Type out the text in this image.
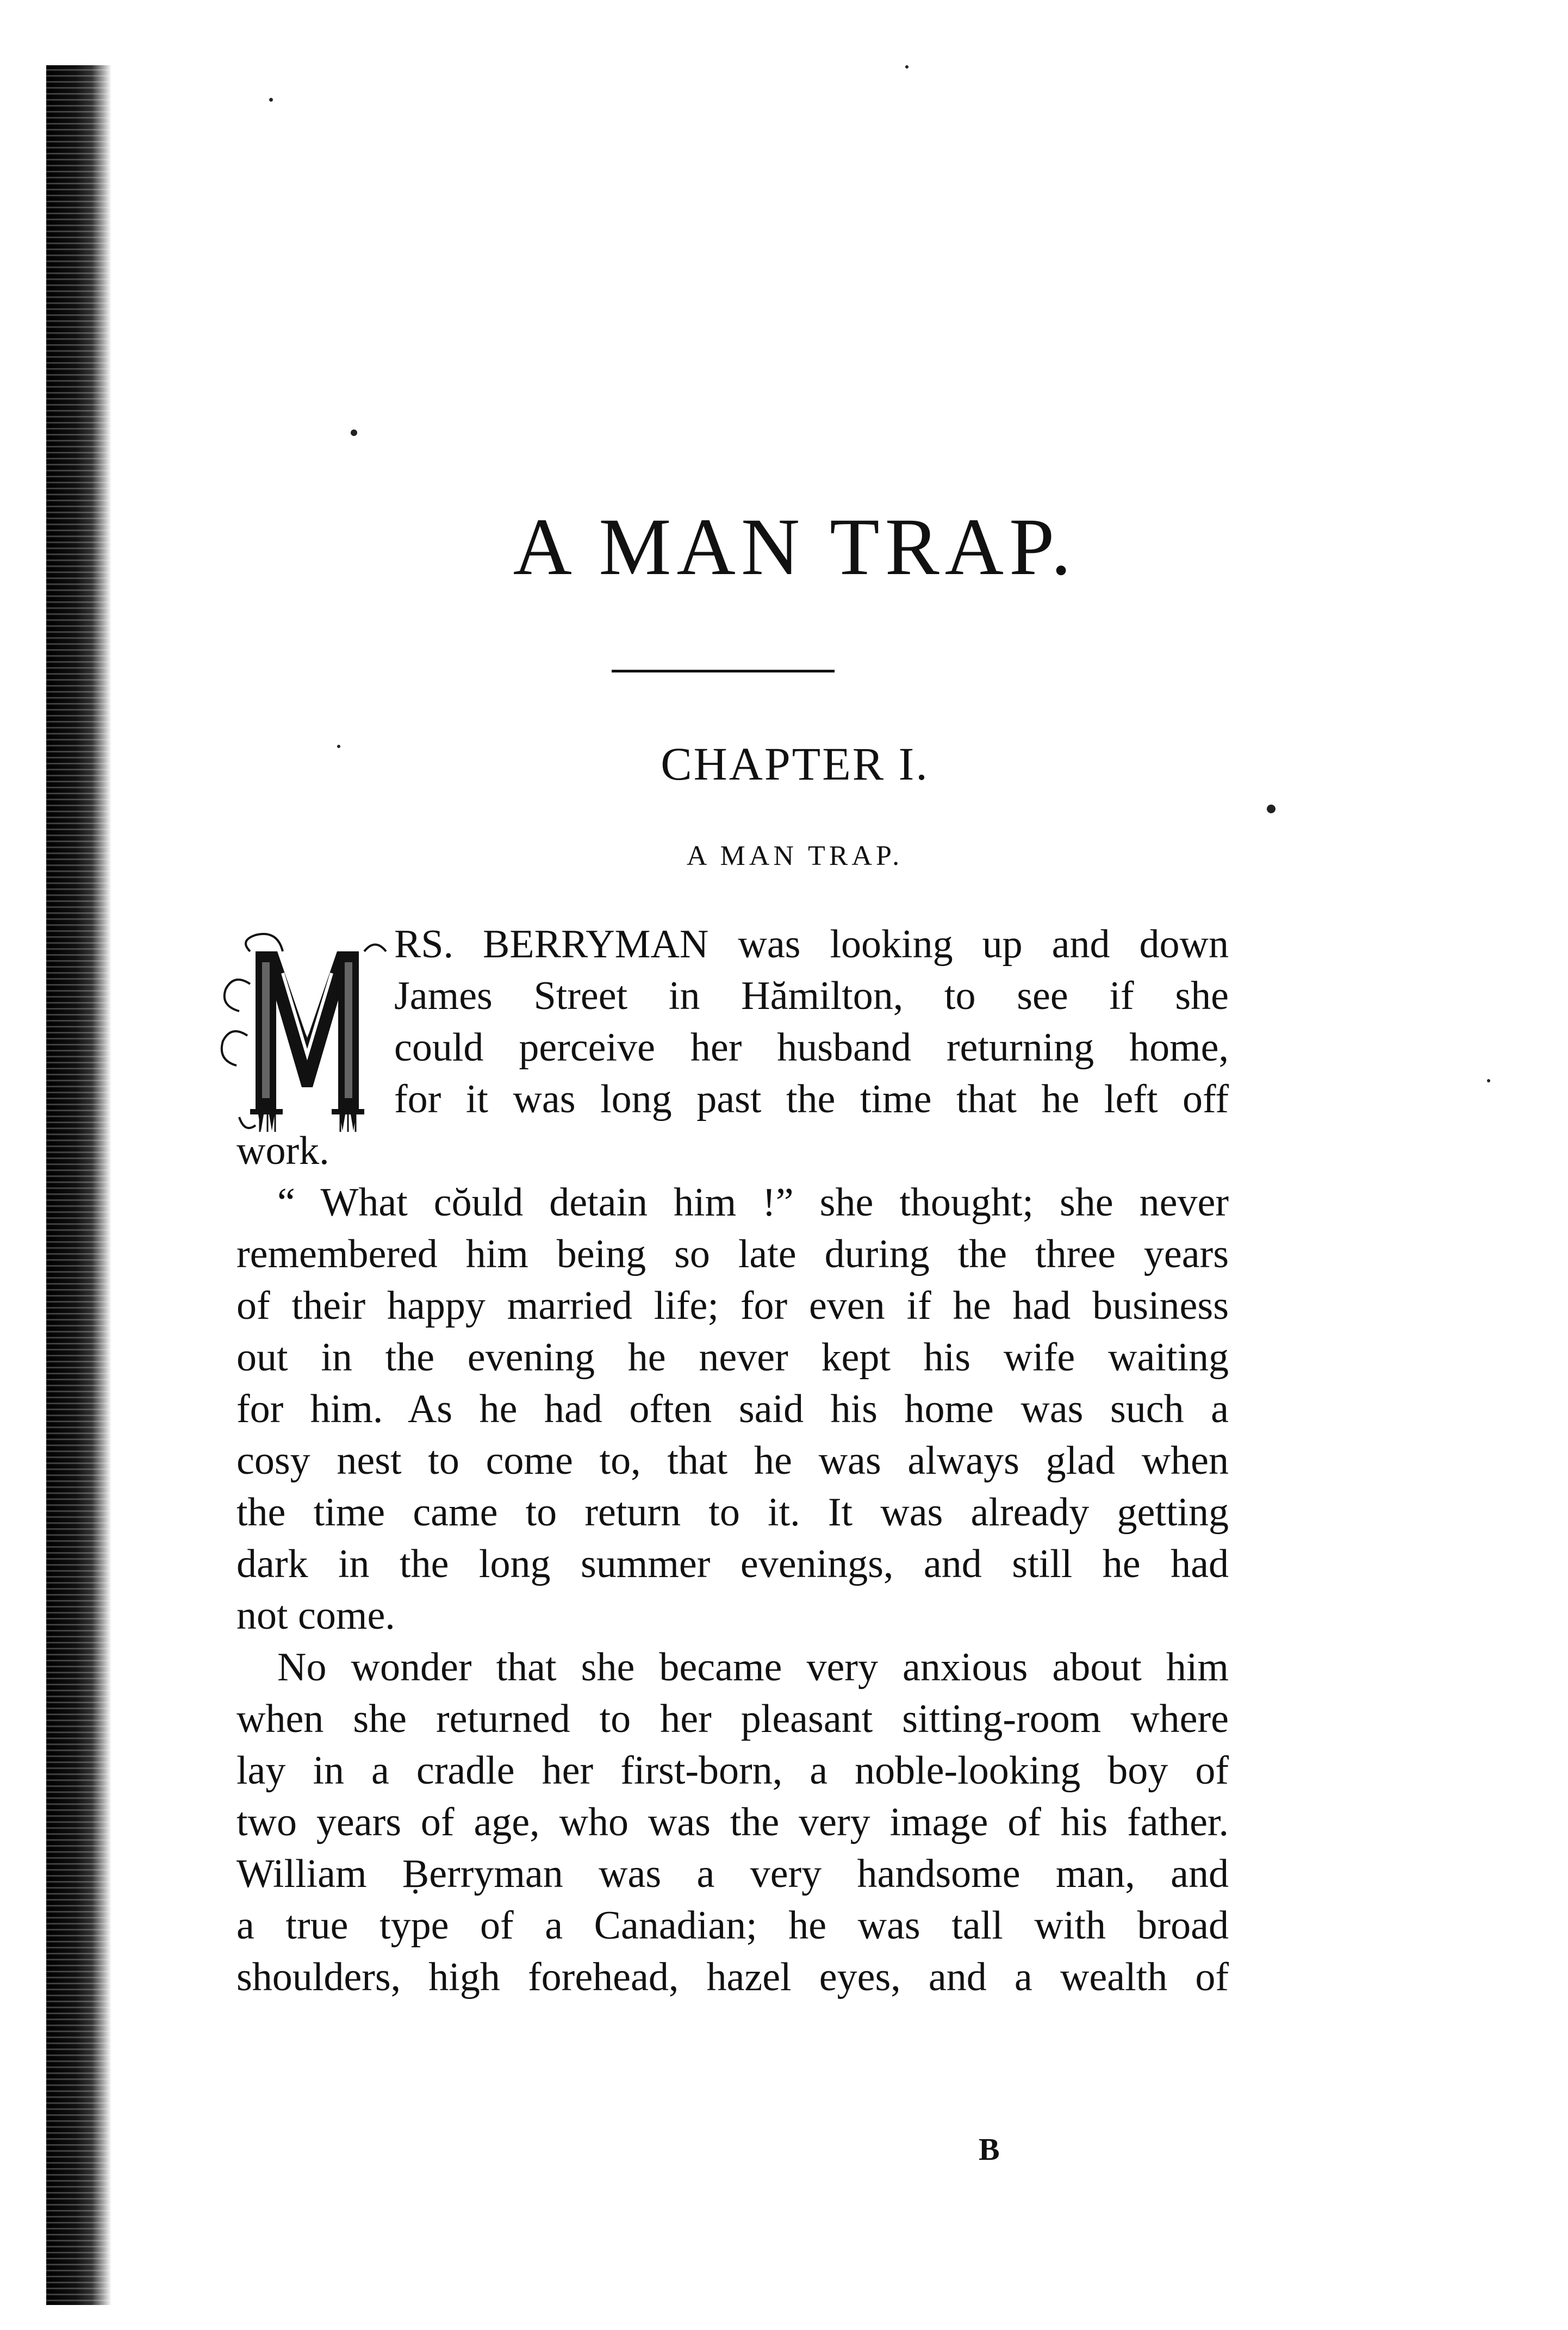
A MAN TRAP.
CHAPTER I.
A MAN TRAP.
M
RS. BERRYMAN was looking up and down
James Street in Hămilton, to see if she
could perceive her husband returning home,
for it was long past the time that he left off
work.
“ What cŏuld detain him !” she thought; she never
remembered him being so late during the three years
of their happy married life; for even if he had business
out in the evening he never kept his wife waiting
for him. As he had often said his home was such a
cosy nest to come to, that he was always glad when
the time came to return to it. It was already getting
dark in the long summer evenings, and still he had
not come.
No wonder that she became very anxious about him
when she returned to her pleasant sitting-room where
lay in a cradle her first-born, a noble-looking boy of
two years of age, who was the very image of his father.
William Ḅerryman was a very handsome man, and
a true type of a Canadian; he was tall with broad
shoulders, high forehead, hazel eyes, and a wealth of
B
